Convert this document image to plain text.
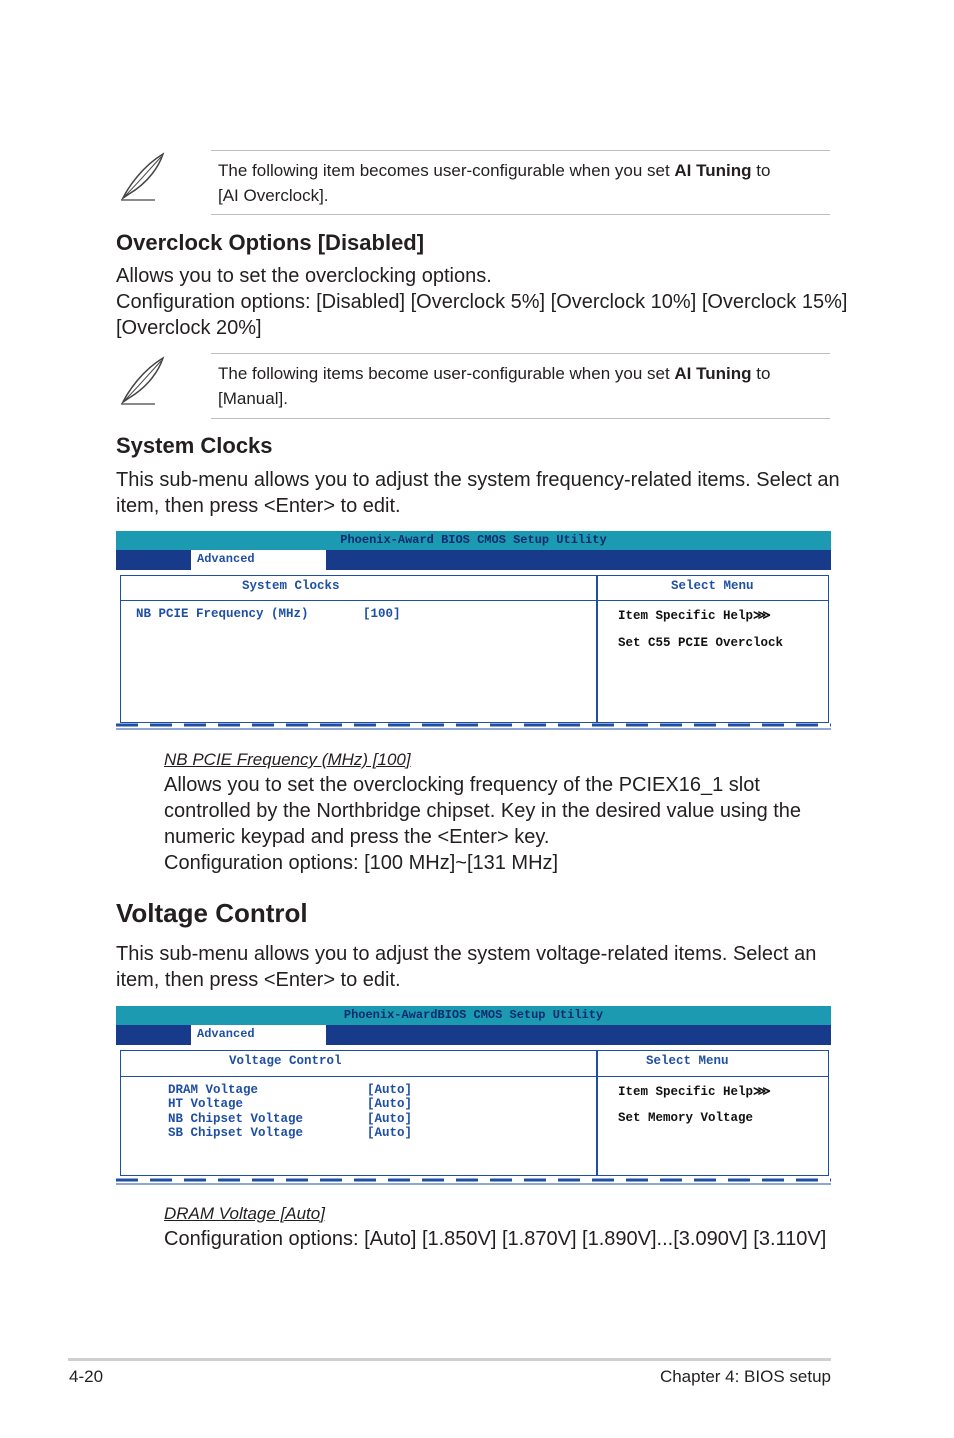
The following item becomes user-configurable when you set AI Tuning to
[AI Overclock].
Overclock Options [Disabled]
Allows you to set the overclocking options.
Configuration options: [Disabled] [Overclock 5%] [Overclock 10%] [Overclock 15%]
[Overclock 20%]
The following items become user-configurable when you set AI Tuning to
[Manual].
System Clocks
This sub-menu allows you to adjust the system frequency-related items. Select an
item, then press <Enter> to edit.
Phoenix-Award BIOS CMOS Setup Utility
Advanced
System Clocks	Select Menu
NB PCIE Frequency (MHz)	[100]	Item Specific Help⋙
Set C55 PCIE Overclock
NB PCIE Frequency (MHz) [100]
Allows you to set the overclocking frequency of the PCIEX16_1 slot
controlled by the Northbridge chipset. Key in the desired value using the
numeric keypad and press the <Enter> key.
Configuration options: [100 MHz]~[131 MHz]
Voltage Control
This sub-menu allows you to adjust the system voltage-related items. Select an
item, then press <Enter> to edit.
Phoenix-AwardBIOS CMOS Setup Utility
Advanced
Voltage Control	Select Menu
DRAM Voltage	[Auto]
HT Voltage	[Auto]
NB Chipset Voltage	[Auto]
SB Chipset Voltage	[Auto]
Item Specific Help⋙
Set Memory Voltage
DRAM Voltage [Auto]
Configuration options: [Auto] [1.850V] [1.870V] [1.890V]...[3.090V] [3.110V]
4-20	Chapter 4: BIOS setup
